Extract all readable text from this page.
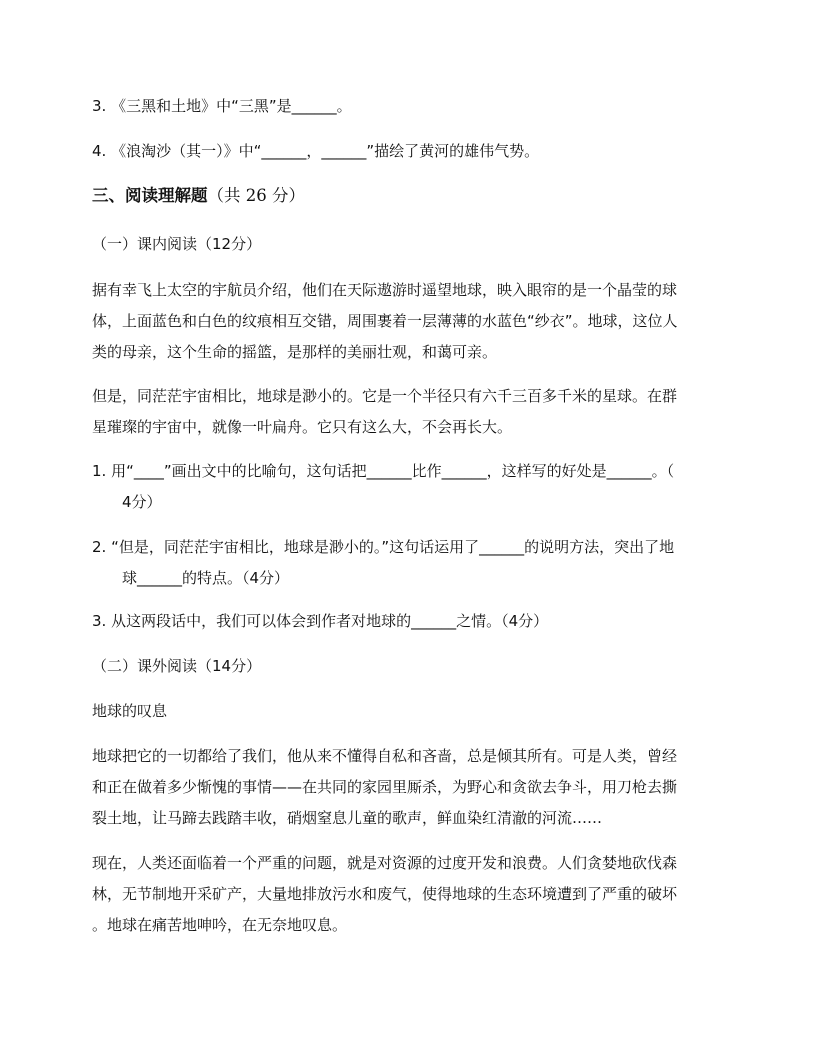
3. 《三黑和土地》中“三黑”是______。
4. 《浪淘沙（其一）》中“______，______”描绘了黄河的雄伟气势。
三、阅读理解题（共 26 分）
（一）课内阅读（12分）
据有幸飞上太空的宇航员介绍，他们在天际遨游时遥望地球，映入眼帘的是一个晶莹的球
体，上面蓝色和白色的纹痕相互交错，周围裹着一层薄薄的水蓝色“纱衣”。地球，这位人
类的母亲，这个生命的摇篮，是那样的美丽壮观，和蔼可亲。
但是，同茫茫宇宙相比，地球是渺小的。它是一个半径只有六千三百多千米的星球。在群
星璀璨的宇宙中，就像一叶扁舟。它只有这么大，不会再长大。
1. 用“____”画出文中的比喻句，这句话把______比作______，这样写的好处是______。（
4分）
2. “但是，同茫茫宇宙相比，地球是渺小的。”这句话运用了______的说明方法，突出了地
球______的特点。（4分）
3. 从这两段话中，我们可以体会到作者对地球的______之情。（4分）
（二）课外阅读（14分）
地球的叹息
地球把它的一切都给了我们，他从来不懂得自私和吝啬，总是倾其所有。可是人类，曾经
和正在做着多少惭愧的事情——在共同的家园里厮杀，为野心和贪欲去争斗，用刀枪去撕
裂土地，让马蹄去践踏丰收，硝烟窒息儿童的歌声，鲜血染红清澈的河流……
现在，人类还面临着一个严重的问题，就是对资源的过度开发和浪费。人们贪婪地砍伐森
林，无节制地开采矿产，大量地排放污水和废气，使得地球的生态环境遭到了严重的破坏
。地球在痛苦地呻吟，在无奈地叹息。
